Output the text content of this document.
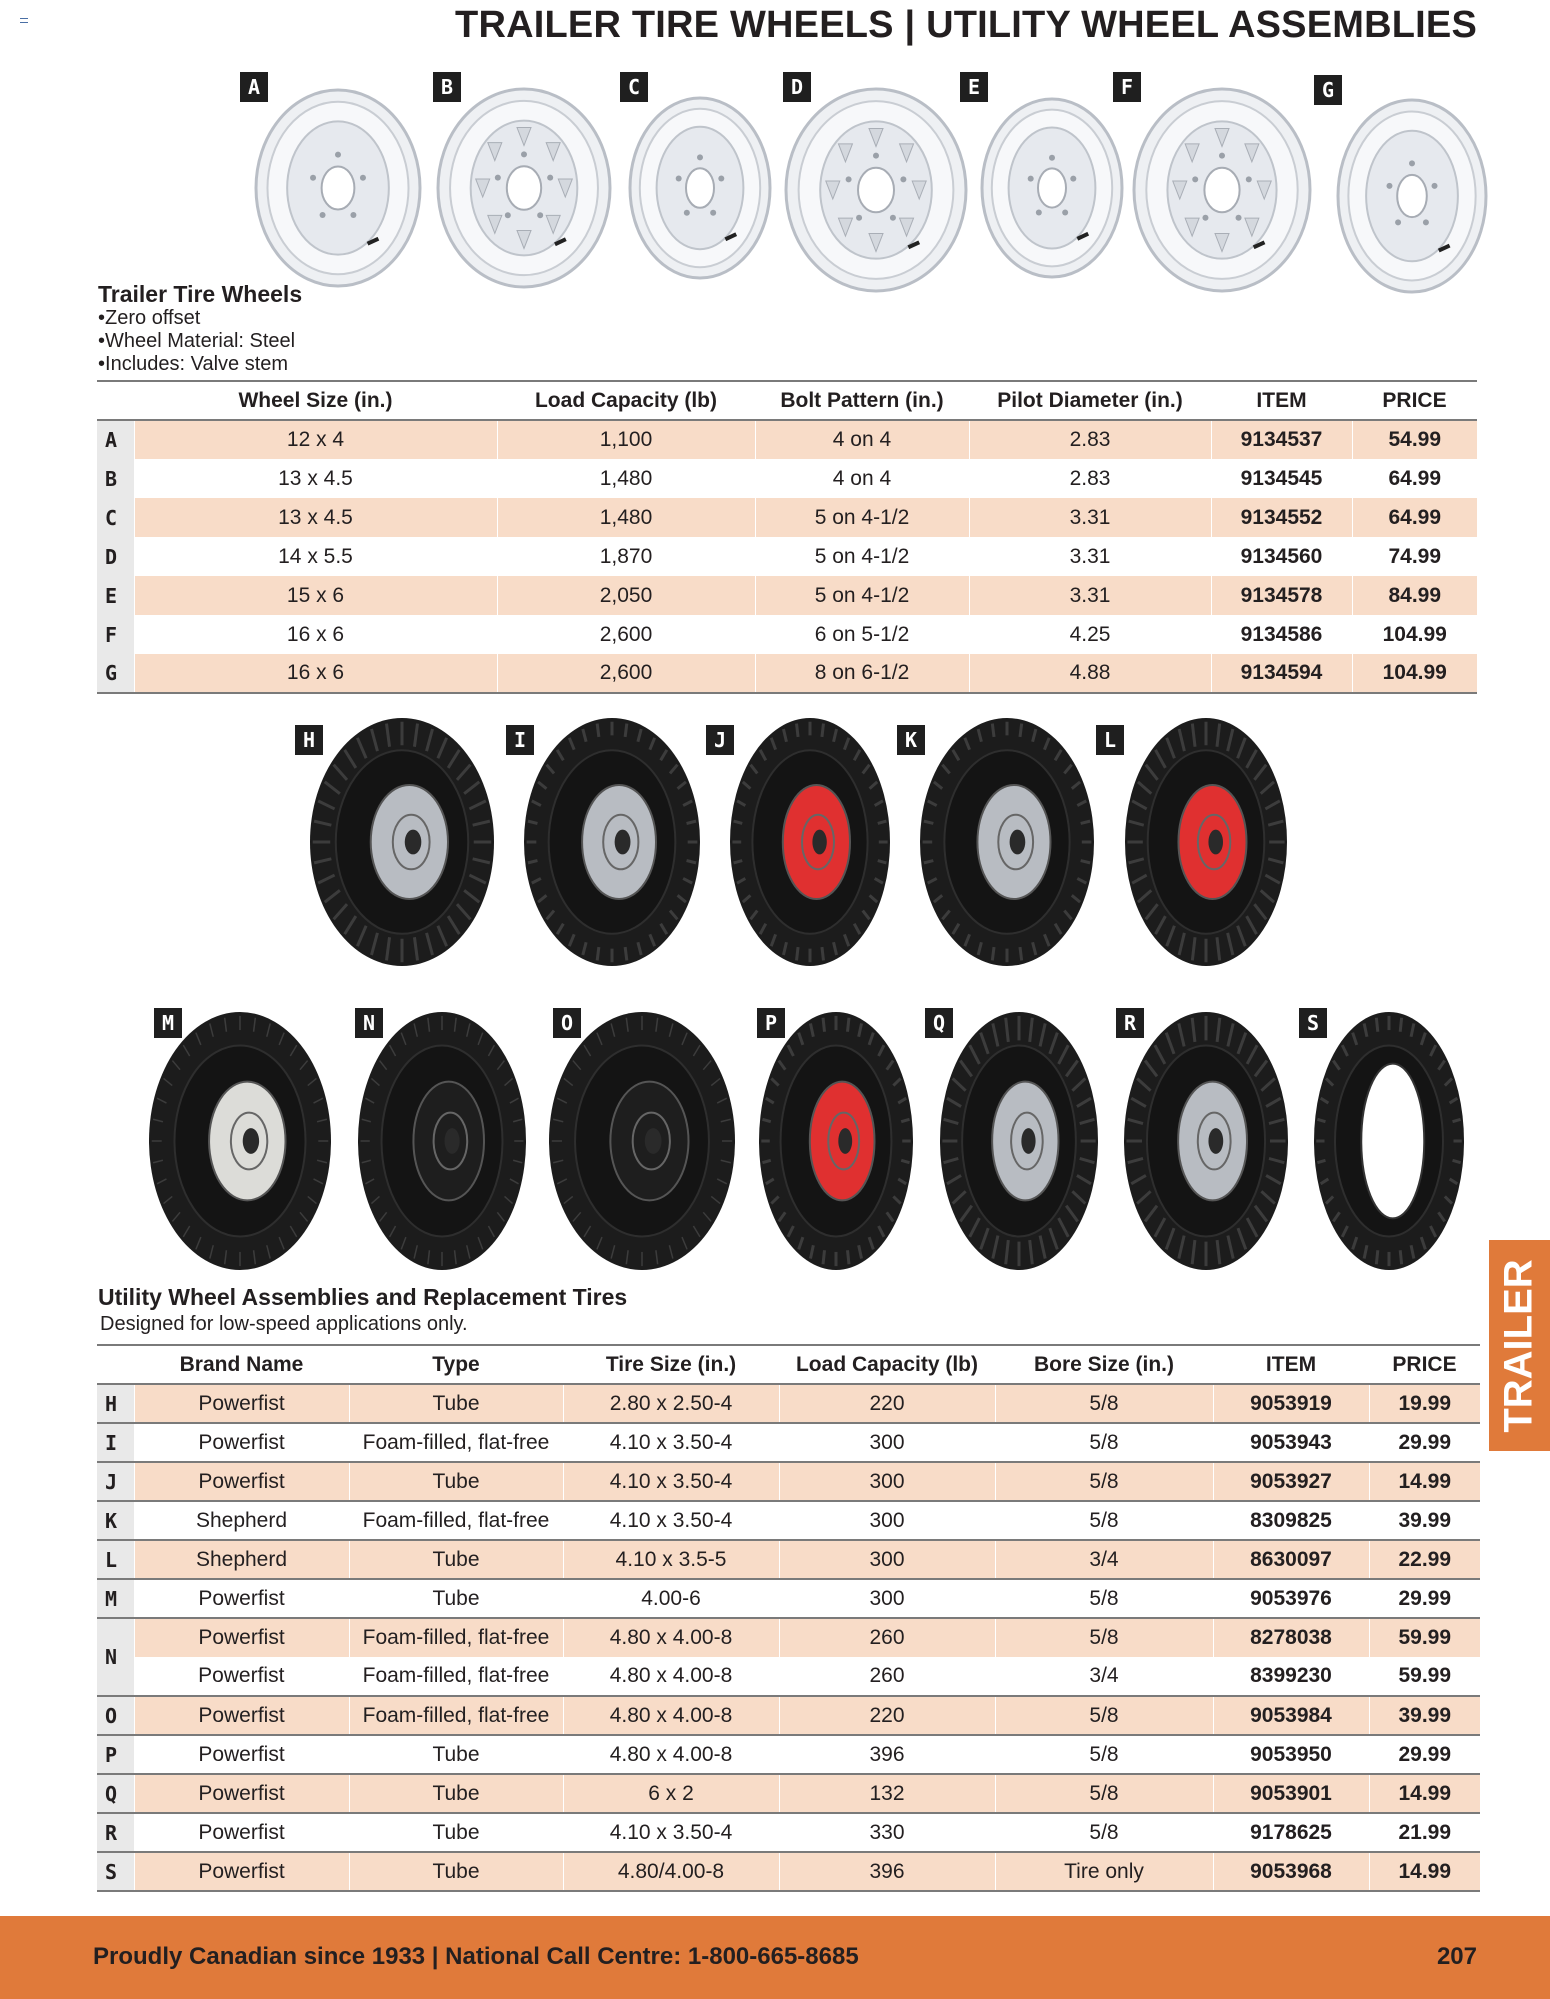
TRAILER TIRE WHEELS | UTILITY WHEEL ASSEMBLIES
Trailer Tire Wheels
• Zero offset
• Wheel Material: Steel
• Includes: Valve stem
	Wheel Size (in.)	Load Capacity (lb)	Bolt Pattern (in.)	Pilot Diameter (in.)	ITEM	PRICE
A	12 x 4	1,100	4 on 4	2.83	9134537	54.99
B	13 x 4.5	1,480	4 on 4	2.83	9134545	64.99
C	13 x 4.5	1,480	5 on 4-1/2	3.31	9134552	64.99
D	14 x 5.5	1,870	5 on 4-1/2	3.31	9134560	74.99
E	15 x 6	2,050	5 on 4-1/2	3.31	9134578	84.99
F	16 x 6	2,600	6 on 5-1/2	4.25	9134586	104.99
G	16 x 6	2,600	8 on 6-1/2	4.88	9134594	104.99
Utility Wheel Assemblies and Replacement Tires
Designed for low-speed applications only.
	Brand Name	Type	Tire Size (in.)	Load Capacity (lb)	Bore Size (in.)	ITEM	PRICE
H	Powerfist	Tube	2.80 x 2.50-4	220	5/8	9053919	19.99
I	Powerfist	Foam-filled, flat-free	4.10 x 3.50-4	300	5/8	9053943	29.99
J	Powerfist	Tube	4.10 x 3.50-4	300	5/8	9053927	14.99
K	Shepherd	Foam-filled, flat-free	4.10 x 3.50-4	300	5/8	8309825	39.99
L	Shepherd	Tube	4.10 x 3.5-5	300	3/4	8630097	22.99
M	Powerfist	Tube	4.00-6	300	5/8	9053976	29.99
N	Powerfist	Foam-filled, flat-free	4.80 x 4.00-8	260	5/8	8278038	59.99
	Powerfist	Foam-filled, flat-free	4.80 x 4.00-8	260	3/4	8399230	59.99
O	Powerfist	Foam-filled, flat-free	4.80 x 4.00-8	220	5/8	9053984	39.99
P	Powerfist	Tube	4.80 x 4.00-8	396	5/8	9053950	29.99
Q	Powerfist	Tube	6 x 2	132	5/8	9053901	14.99
R	Powerfist	Tube	4.10 x 3.50-4	330	5/8	9178625	21.99
S	Powerfist	Tube	4.80/4.00-8	396	Tire only	9053968	14.99
TRAILER
Proudly Canadian since 1933 | National Call Centre: 1-800-665-8685	207
A	B	C	D	E	F	G
H	I	J	K	L
M	N	O	P	Q	R	S
